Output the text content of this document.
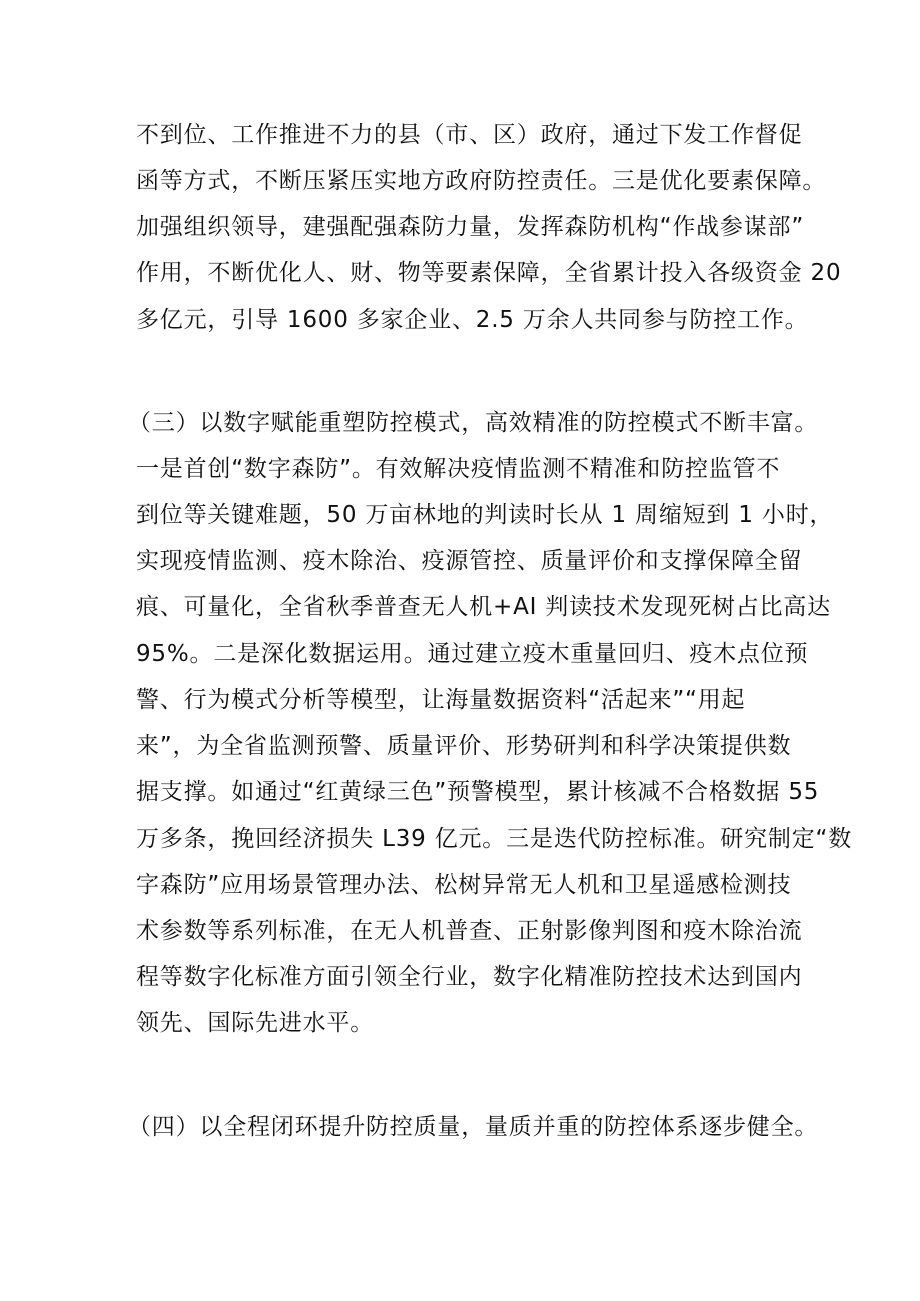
不到位、工作推进不力的县（市、区）政府，通过下发工作督促
函等方式，不断压紧压实地方政府防控责任。三是优化要素保障。
加强组织领导，建强配强森防力量，发挥森防机构“作战参谋部”
作用，不断优化人、财、物等要素保障，全省累计投入各级资金 20
多亿元，引导 1600 多家企业、2.5 万余人共同参与防控工作。
（三）以数字赋能重塑防控模式，高效精准的防控模式不断丰富。
一是首创“数字森防”。有效解决疫情监测不精准和防控监管不
到位等关键难题，50 万亩林地的判读时长从 1 周缩短到 1 小时，
实现疫情监测、疫木除治、疫源管控、质量评价和支撑保障全留
痕、可量化，全省秋季普查无人机+AI 判读技术发现死树占比高达
95%。二是深化数据运用。通过建立疫木重量回归、疫木点位预
警、行为模式分析等模型，让海量数据资料“活起来”“用起
来”，为全省监测预警、质量评价、形势研判和科学决策提供数
据支撑。如通过“红黄绿三色”预警模型，累计核减不合格数据 55
万多条，挽回经济损失 L39 亿元。三是迭代防控标准。研究制定“数
字森防”应用场景管理办法、松树异常无人机和卫星遥感检测技
术参数等系列标准，在无人机普查、正射影像判图和疫木除治流
程等数字化标准方面引领全行业，数字化精准防控技术达到国内
领先、国际先进水平。
（四）以全程闭环提升防控质量，量质并重的防控体系逐步健全。
